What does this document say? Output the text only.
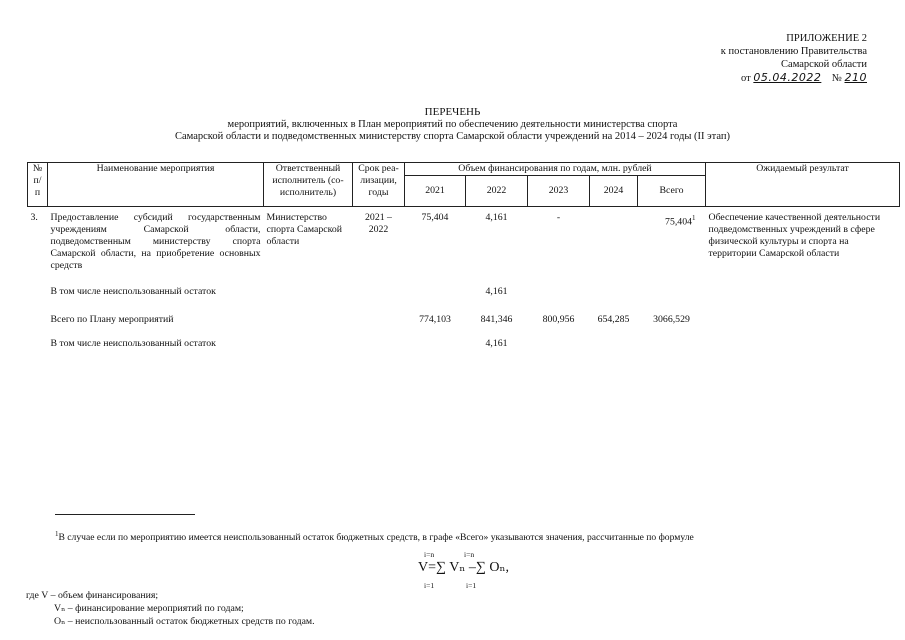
ПРИЛОЖЕНИЕ 2
к постановлению Правительства
Самарской области
от 05.04.2022 № 210
ПЕРЕЧЕНЬ
мероприятий, включенных в План мероприятий по обеспечению деятельности министерства спорта
Самарской области и подведомственных министерству спорта Самарской области учреждений на 2014 – 2024 годы (II этап)
№ п/п	Наименование мероприятия	Ответственный исполнитель (со-исполнитель)	Срок реа-лизации, годы	Объем финансирования по годам, млн. рублей					Ожидаемый результат
				2021	2022	2023	2024	Всего	
3.	Предоставление субсидий государственным учреждениям Самарской области, подведомственным министерству спорта Самарской области, на приобретение основных средств	Министерство спорта Самарской области	2021 – 2022	75,404	4,161	-		75,404$^1$	Обеспечение качественной деятельности подведомственных учреждений в сфере физической культуры и спорта на территории Самарской области
	В том числе неиспользованный остаток				4,161				
	Всего по Плану мероприятий			774,103	841,346	800,956	654,285	3066,529	
	В том числе неиспользованный остаток				4,161				
$^1$В случае если по мероприятию имеется неиспользованный остаток бюджетных средств, в графе «Всего» указываются значения, рассчитанные по формуле
i=n	i=n
V=∑ Vₙ –∑ Oₙ,
i=1	i=1
где V – объем финансирования;
Vₙ – финансирование мероприятий по годам;
Oₙ – неиспользованный остаток бюджетных средств по годам.
